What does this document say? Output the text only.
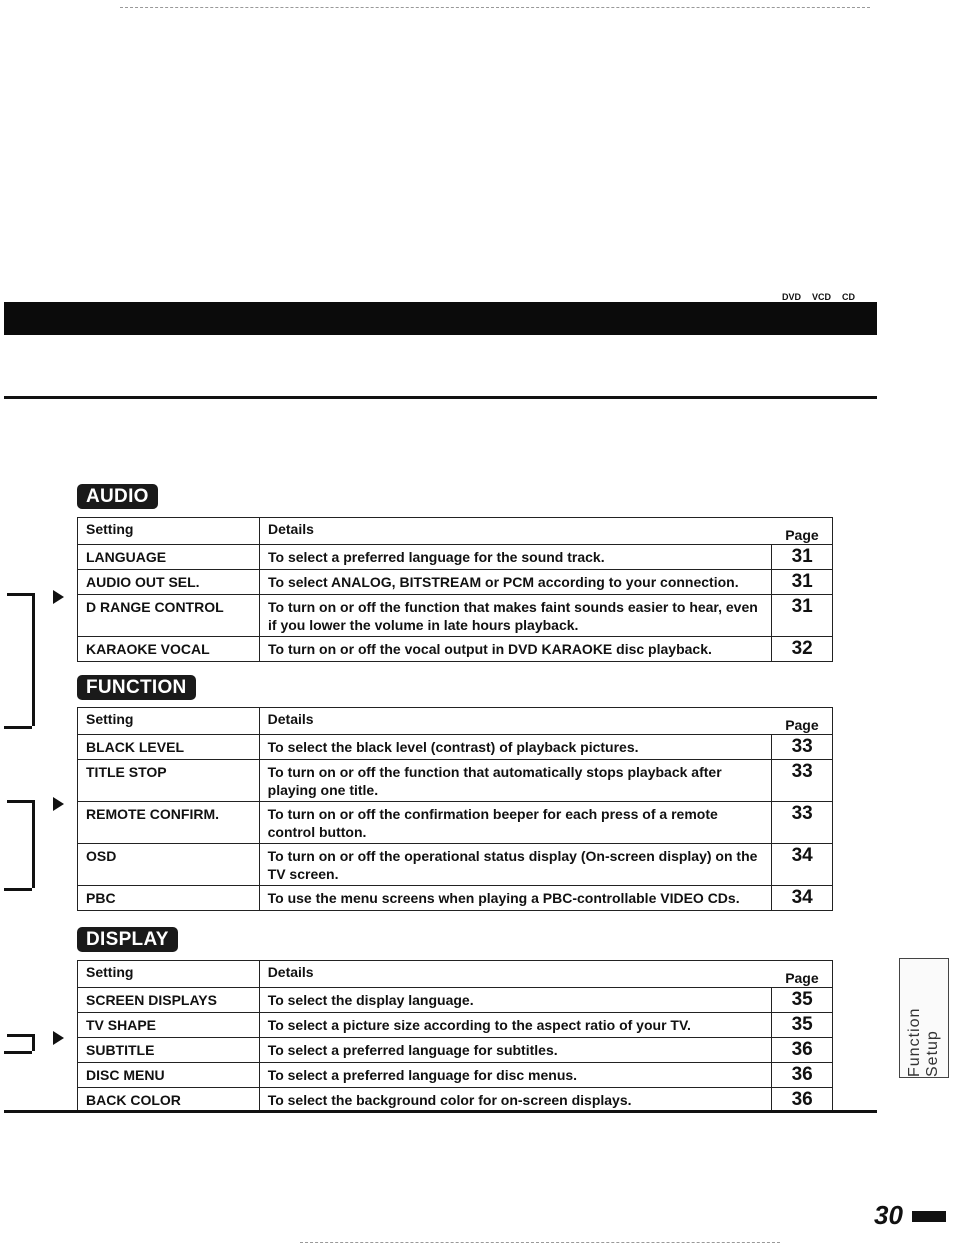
DVD	VCD	CD
AUDIO
Setting	Details	Page
LANGUAGE	To select a preferred language for the sound track.	31
AUDIO OUT SEL.	To select ANALOG, BITSTREAM or PCM according to your connection.	31
D RANGE CONTROL	To turn on or off the function that makes faint sounds easier to hear, even if you lower the volume in late hours playback.	31
KARAOKE VOCAL	To turn on or off the vocal output in DVD KARAOKE disc playback.	32
FUNCTION
Setting	Details	Page
BLACK LEVEL	To select the black level (contrast) of playback pictures.	33
TITLE STOP	To turn on or off the function that automatically stops playback after playing one title.	33
REMOTE CONFIRM.	To turn on or off the confirmation beeper for each press of a remote control button.	33
OSD	To turn on or off the operational status display (On-screen display) on the TV screen.	34
PBC	To use the menu screens when playing a PBC-controllable VIDEO CDs.	34
DISPLAY
Setting	Details	Page
SCREEN DISPLAYS	To select the display language.	35
TV SHAPE	To select a picture size according to the aspect ratio of your TV.	35
SUBTITLE	To select a preferred language for subtitles.	36
DISC MENU	To select a preferred language for disc menus.	36
BACK COLOR	To select the background color for on-screen displays.	36
Function Setup
30
